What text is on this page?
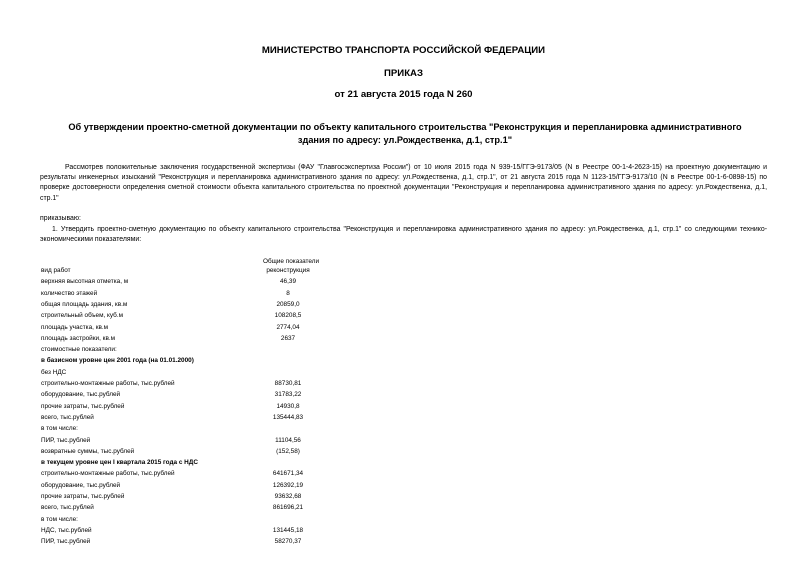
МИНИСТЕРСТВО ТРАНСПОРТА РОССИЙСКОЙ ФЕДЕРАЦИИ
ПРИКАЗ
от 21 августа 2015 года N 260
Об утверждении проектно-сметной документации по объекту капитального строительства "Реконструкция и перепланировка административного здания по адресу: ул.Рождественка, д.1, стр.1"
Рассмотрев положительные заключения государственной экспертизы (ФАУ "Главгосэкспертиза России") от 10 июля 2015 года N 939-15/ГГЭ-9173/05 (N в Реестре 00-1-4-2623-15) на проектную документацию и результаты инженерных изысканий "Реконструкция и перепланировка административного здания по адресу: ул.Рождественка, д.1, стр.1", от 21 августа 2015 года N 1123-15/ГГЭ-9173/10 (N в Реестре 00-1-6-0898-15) по проверке достоверности определения сметной стоимости объекта капитального строительства по проектной документации "Реконструкция и перепланировка административного здания по адресу: ул.Рождественка, д.1, стр.1"
приказываю:
1. Утвердить проектно-сметную документацию по объекту капитального строительства "Реконструкция и перепланировка административного здания по адресу: ул.Рождественка, д.1, стр.1" со следующими технико-экономическими показателями:
Общие показатели
вид работ	реконструкция
верхняя высотная отметка, м	46,39
количество этажей	8
общая площадь здания, кв.м	20859,0
строительный объем, куб.м	108208,5
площадь участка, кв.м	2774,04
площадь застройки, кв.м	2637
стоимостные показатели:
в базисном уровне цен 2001 года (на 01.01.2000)
без НДС
строительно-монтажные работы, тыс.рублей	88730,81
оборудование, тыс.рублей	31783,22
прочие затраты, тыс.рублей	14930,8
всего, тыс.рублей	135444,83
в том числе:
ПИР, тыс.рублей	11104,56
возвратные суммы, тыс.рублей	(152,58)
в текущем уровне цен I квартала 2015 года с НДС
строительно-монтажные работы, тыс.рублей	641671,34
оборудование, тыс.рублей	126392,19
прочие затраты, тыс.рублей	93632,68
всего, тыс.рублей	861696,21
в том числе:
НДС, тыс.рублей	131445,18
ПИР, тыс.рублей	58270,37
